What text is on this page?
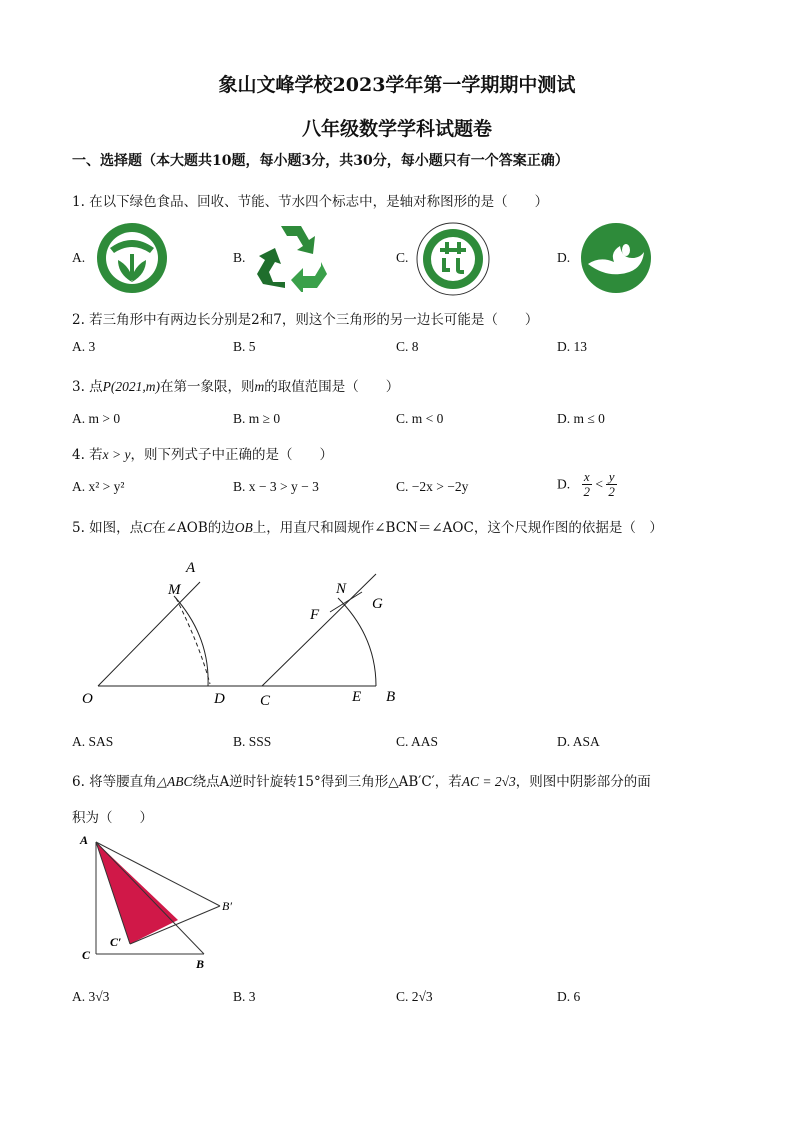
象山文峰学校2023学年第一学期期中测试
八年级数学学科试题卷
一、选择题（本大题共10题，每小题3分，共30分，每小题只有一个答案正确）
1. 在以下绿色食品、回收、节能、节水四个标志中，是轴对称图形的是（　　）
A.	B.	C.	D.
2. 若三角形中有两边长分别是2和7，则这个三角形的另一边长可能是（　　）
A. 3	B. 5	C. 8	D. 13
3. 点P(2021,m)在第一象限，则m的取值范围是（　　）
A. m > 0	B. m ≥ 0	C. m < 0	D. m ≤ 0
4. 若x > y，则下列式子中正确的是（　　）
A. x² > y²	B. x − 3 > y − 3	C. −2x > −2y	D. $\frac{x}{2} < \frac{y}{2}$
5. 如图，点C在∠AOB的边OB上，用直尺和圆规作∠BCN＝∠AOC，这个尺规作图的依据是（　）
A
M
O	D C	E B
N
F
G
A. SAS	B. SSS	C. AAS	D. ASA
6. 将等腰直角△ABC绕点A逆时针旋转15°得到三角形△AB′C′，若AC = 2√3，则图中阴影部分的面
积为（　　）
A
B′
C′
C
B
A. 3√3	B. 3	C. 2√3	D. 6
